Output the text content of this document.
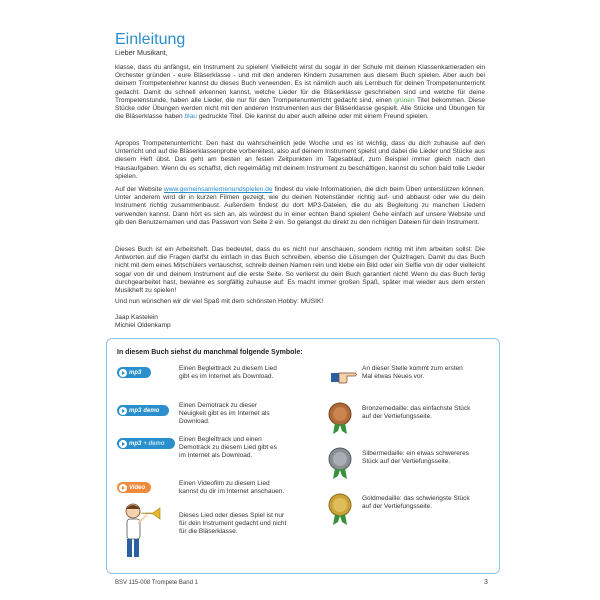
Einleitung
Lieber Musikant,
klasse, dass du anfängst, ein Instrument zu spielen! Vielleicht wirst du sogar in der Schule mit deinen Klassenkameraden ein Orchester gründen - eure Bläserklasse - und mit den anderen Kindern zusammen aus diesem Buch spielen. Aber auch bei deinem Trompetenlehrer kannst du dieses Buch verwenden. Es ist nämlich auch als Lernbuch für deinen Trompetenunterricht gedacht. Damit du schnell erkennen kannst, welche Lieder für die Bläserklasse geschrieben sind und welche für deine Trompetenstunde, haben alle Lieder, die nur für den Trompetenunterricht gedacht sind, einen grünen Titel bekommen. Diese Stücke oder Übungen werden nicht mit den anderen Instrumenten aus der Bläserklasse gespielt. Alle Stücke und Übungen für die Bläserklasse haben blau gedruckte Titel. Die kannst du aber auch alleine oder mit einem Freund spielen.
Apropos Trompetenunterricht: Den hast du wahrscheinlich jede Woche und es ist wichtig, dass du dich zuhause auf den Unterricht und auf die Bläserklassenprobe vorbereitest, also auf deinem Instrument spielst und dabei die Lieder und Stücke aus diesem Heft übst. Das geht am besten an festen Zeitpunkten im Tagesablauf, zum Beispiel immer gleich nach den Hausaufgaben. Wenn du es schaffst, dich regelmäßig mit deinem Instrument zu beschäftigen, kannst du schon bald tolle Lieder spielen.
Auf der Website www.gemeinsamlernenundspielen.de findest du viele Informationen, die dich beim Üben unterstützen können. Unter anderem wird dir in kurzen Filmen gezeigt, wie du deinen Notenständer richtig auf- und abbaust oder wie du dein Instrument richtig zusammenbaust. Außerdem findest du dort MP3-Dateien, die du als Begleitung zu manchen Liedern verwenden kannst. Dann hört es sich an, als würdest du in einer echten Band spielen! Gehe einfach auf unsere Website und gib den Benutzernamen und das Passwort von Seite 2 ein. So gelangst du direkt zu den richtigen Dateien für dein Instrument.
Dieses Buch ist ein Arbeitsheft. Das bedeutet, dass du es nicht nur anschauen, sondern richtig mit ihm arbeiten sollst: Die Antworten auf die Fragen darfst du einfach in das Buch schreiben, ebenso die Lösungen der Quizfragen. Damit du das Buch nicht mit dem eines Mitschülers vertauschst, schreib deinen Namen rein und klebe ein Bild oder ein Selfie von dir oder vielleicht sogar von dir und deinem Instrument auf die erste Seite. So verlierst du dein Buch garantiert nicht! Wenn du das Buch fertig durchgearbeitet hast, bewahre es sorgfältig zuhause auf: Es macht immer großen Spaß, später mal wieder aus dem ersten Musikheft zu spielen!
Und nun wünschen wir dir viel Spaß mit dem schönsten Hobby: MUSIK!
Jaap Kastelein
Michiel Oldenkamp
In diesem Buch siehst du manchmal folgende Symbole:
mp3
Einen Begleittrack zu diesem Lied gibt es im Internet als Download.
mp3 demo
Einen Demotrack zu dieser Neuigkeit gibt es im Internet als Download.
mp3 + demo
Einen Begleittrack und einen Demotrack zu diesem Lied gibt es im Internet als Download.
Video
Einen Videofilm zu diesem Lied kannst du dir im Internet anschauen.
Dieses Lied oder dieses Spiel ist nur für dein Instrument gedacht und nicht für die Bläserklasse.
An dieser Stelle kommt zum ersten Mal etwas Neues vor.
Bronzemedaille: das einfachste Stück auf der Vertiefungsseite.
Silbermedaille: ein etwas schwereres Stück auf der Vertiefungsseite.
Goldmedaille: das schwierigste Stück auf der Vertiefungsseite.
BSV 115-008 Trompete Band 1	3
